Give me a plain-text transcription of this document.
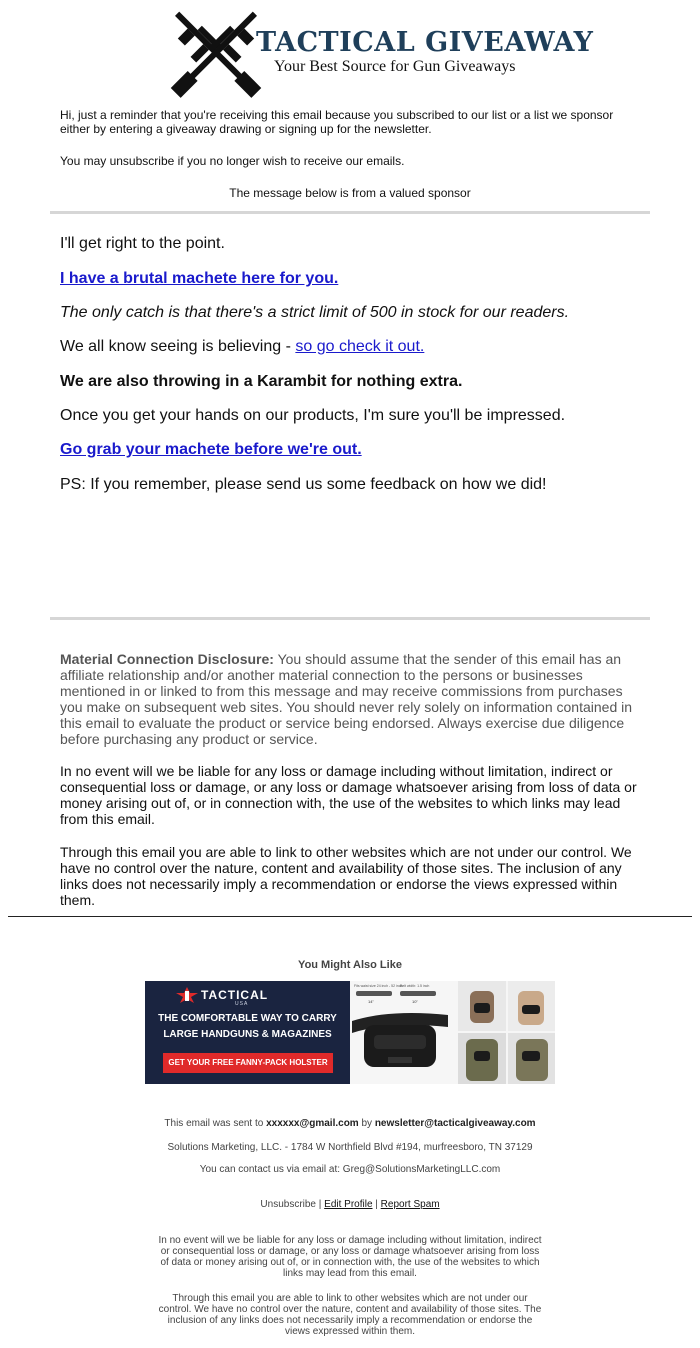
TACTICAL GIVEAWAY
Your Best Source for Gun Giveaways

Hi, just a reminder that you're receiving this email because you subscribed to our list or a list we sponsor

either by entering a giveaway drawing or signing up for the newsletter.

You may unsubscribe if you no longer wish to receive our emails.
The message below is from a valued sponsor
I'll get right to the point.
I have a brutal machete here for you.
The only catch is that there's a strict limit of 500 in stock for our readers.
We all know seeing is believing - so go check it out.
We are also throwing in a Karambit for nothing extra.
Once you get your hands on our products, I'm sure you'll be impressed.
Go grab your machete before we're out.
PS: If you remember, please send us some feedback on how we did!
Material Connection Disclosure: You should assume that the sender of this email has an
affiliate relationship and/or another material connection to the persons or businesses
mentioned in or linked to from this message and may receive commissions from purchases
you make on subsequent web sites. You should never rely solely on information contained in
this email to evaluate the product or service being endorsed. Always exercise due diligence
before purchasing any product or service.
In no event will we be liable for any loss or damage including without limitation, indirect or
consequential loss or damage, or any loss or damage whatsoever arising from loss of data or
money arising out of, or in connection with, the use of the websites to which links may lead
from this email.
Through this email you are able to link to other websites which are not under our control. We
have no control over the nature, content and availability of those sites. The inclusion of any
links does not necessarily imply a recommendation or endorse the views expressed within
them.
You Might Also Like
TACTICAL
USA
THE COMFORTABLE WAY TO CARRY
LARGE HANDGUNS & MAGAZINES
GET YOUR FREE FANNY-PACK HOLSTER
Fits waist size 24 inch - 52 inch
Belt width: 1.5 inch
14"	10"
This email was sent to xxxxxx@gmail.com by newsletter@tacticalgiveaway.com
Solutions Marketing, LLC. - 1784 W Northfield Blvd #194, murfreesboro, TN 37129
You can contact us via email at: Greg@SolutionsMarketingLLC.com
Unsubscribe | Edit Profile | Report Spam
In no event will we be liable for any loss or damage including without limitation, indirect
or consequential loss or damage, or any loss or damage whatsoever arising from loss
of data or money arising out of, or in connection with, the use of the websites to which
links may lead from this email.
Through this email you are able to link to other websites which are not under our
control. We have no control over the nature, content and availability of those sites. The
inclusion of any links does not necessarily imply a recommendation or endorse the
views expressed within them.
